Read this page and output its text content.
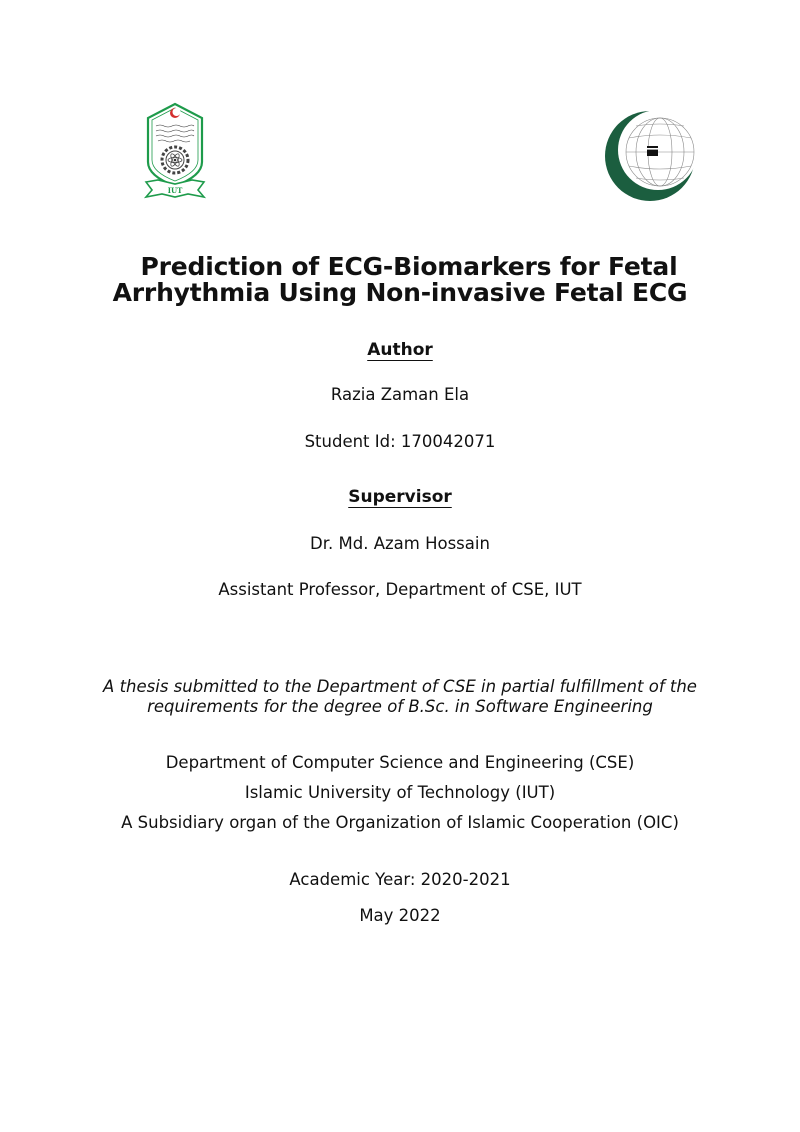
IUT
Prediction of ECG-Biomarkers for Fetal
Arrhythmia Using Non-invasive Fetal ECG
Author
Razia Zaman Ela
Student Id: 170042071
Supervisor
Dr. Md. Azam Hossain
Assistant Professor, Department of CSE, IUT
A thesis submitted to the Department of CSE in partial fulfillment of the
requirements for the degree of B.Sc. in Software Engineering
Department of Computer Science and Engineering (CSE)
Islamic University of Technology (IUT)
A Subsidiary organ of the Organization of Islamic Cooperation (OIC)
Academic Year: 2020-2021
May 2022
